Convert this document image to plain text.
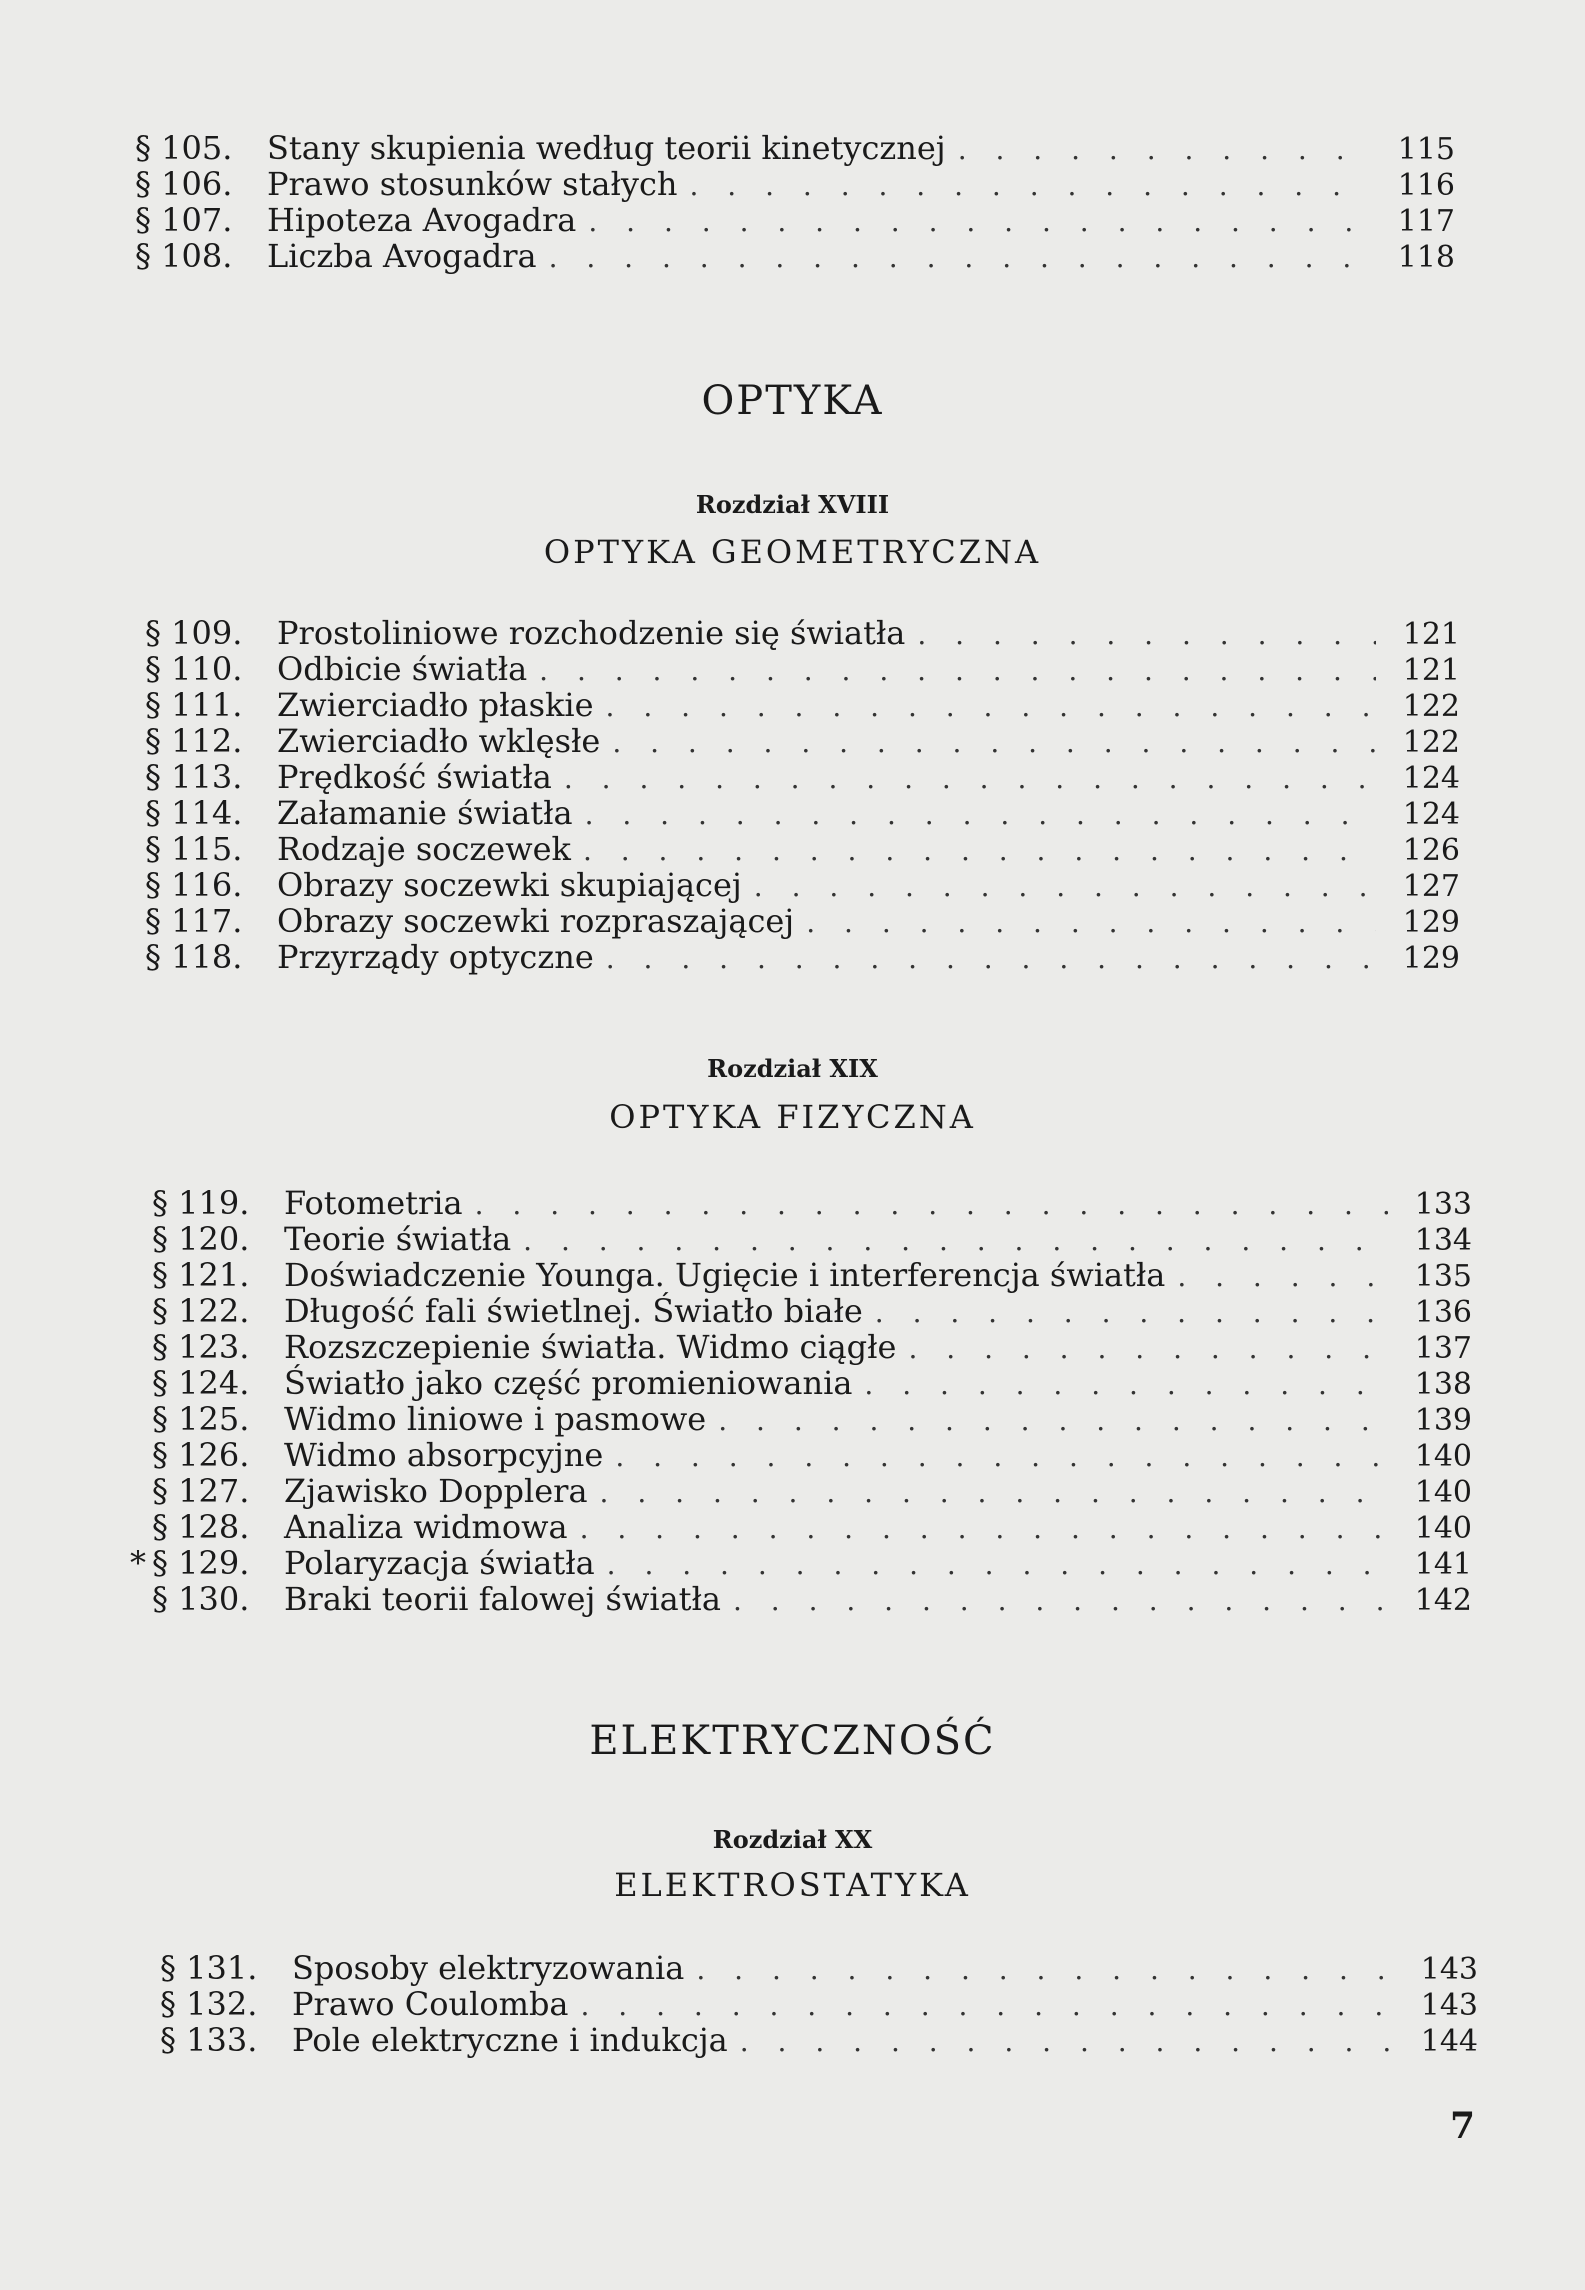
§ 105.	Stany skupienia według teorii kinetycznej . . .	115
§ 106.	Prawo stosunków stałych . . .	116
§ 107.	Hipoteza Avogadra . . .	117
§ 108.	Liczba Avogadra . . .	118
OPTYKA
Rozdział XVIII
OPTYKA GEOMETRYCZNA
§ 109.	Prostoliniowe rozchodzenie się światła . . .	121
§ 110.	Odbicie światła . . .	121
§ 111.	Zwierciadło płaskie . . .	122
§ 112.	Zwierciadło wklęsłe . . .	122
§ 113.	Prędkość światła . . .	124
§ 114.	Załamanie światła . . .	124
§ 115.	Rodzaje soczewek . . .	126
§ 116.	Obrazy soczewki skupiającej . . .	127
§ 117.	Obrazy soczewki rozpraszającej . . .	129
§ 118.	Przyrządy optyczne . . .	129
Rozdział XIX
OPTYKA FIZYCZNA
§ 119.	Fotometria . . .	133
§ 120.	Teorie światła . . .	134
§ 121.	Doświadczenie Younga. Ugięcie i interferencja światła . . .	135
§ 122.	Długość fali świetlnej. Światło białe . . .	136
§ 123.	Rozszczepienie światła. Widmo ciągłe . . .	137
§ 124.	Światło jako część promieniowania . . .	138
§ 125.	Widmo liniowe i pasmowe . . .	139
§ 126.	Widmo absorpcyjne . . .	140
§ 127.	Zjawisko Dopplera . . .	140
§ 128.	Analiza widmowa . . .	140
* § 129.	Polaryzacja światła . . .	141
§ 130.	Braki teorii falowej światła . . .	142
ELEKTRYCZNOŚĆ
Rozdział XX
ELEKTROSTATYKA
§ 131.	Sposoby elektryzowania . . .	143
§ 132.	Prawo Coulomba . . .	143
§ 133.	Pole elektryczne i indukcja . . .	144
7
